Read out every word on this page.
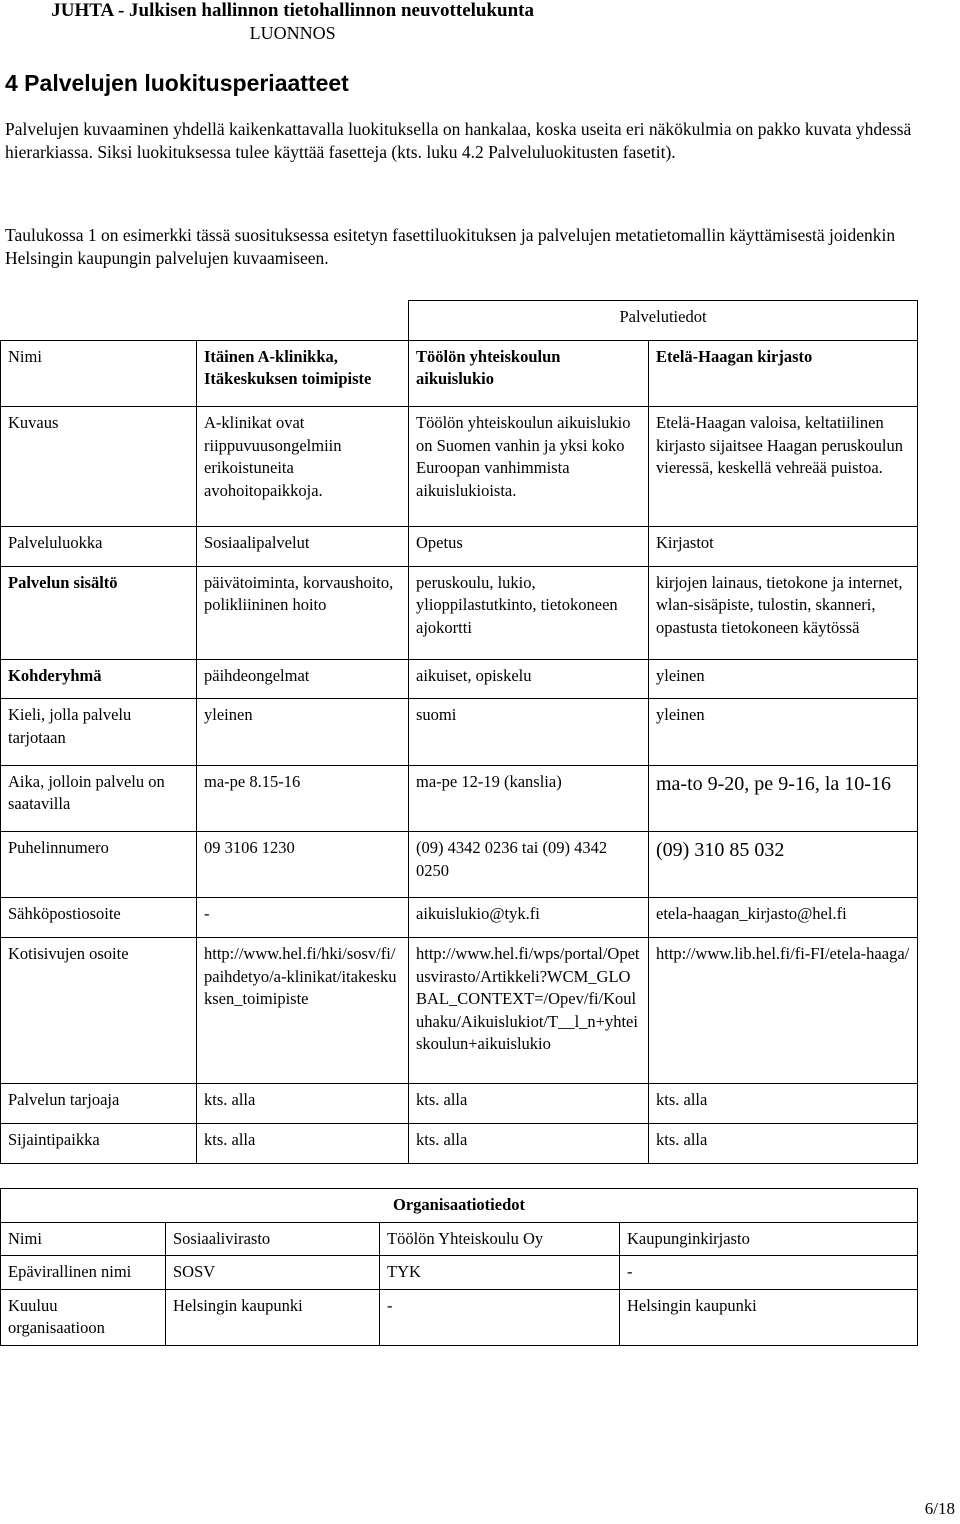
JUHTA - Julkisen hallinnon tietohallinnon neuvottelukunta
LUONNOS
4 Palvelujen luokitusperiaatteet
Palvelujen kuvaaminen yhdellä kaikenkattavalla luokituksella on hankalaa, koska useita eri näkökulmia on pakko kuvata yhdessä hierarkiassa. Siksi luokituksessa tulee käyttää fasetteja (kts. luku 4.2 Palveluluokitusten fasetit).
Taulukossa 1 on esimerkki tässä suosituksessa esitetyn fasettiluokituksen ja palvelujen metatietomallin käyttämisestä joidenkin Helsingin kaupungin palvelujen kuvaamiseen.
		Palvelutiedot	
Nimi	Itäinen A-klinikka, Itäkeskuksen toimipiste	Töölön yhteiskoulun aikuislukio	Etelä-Haagan kirjasto
Kuvaus	A-klinikat ovat riippuvuusongelmiin erikoistuneita avohoitopaikkoja.	Töölön yhteiskoulun aikuislukio on Suomen vanhin ja yksi koko Euroopan vanhimmista aikuislukioista.	Etelä-Haagan valoisa, keltatiilinen kirjasto sijaitsee Haagan peruskoulun vieressä, keskellä vehreää puistoa.
Palveluluokka	Sosiaalipalvelut	Opetus	Kirjastot
Palvelun sisältö	päivätoiminta, korvaushoito, polikliininen hoito	peruskoulu, lukio, ylioppilastutkinto, tietokoneen ajokortti	kirjojen lainaus, tietokone ja internet, wlan-sisäpiste, tulostin, skanneri, opastusta tietokoneen käytössä
Kohderyhmä	päihdeongelmat	aikuiset, opiskelu	yleinen
Kieli, jolla palvelu tarjotaan	yleinen	suomi	yleinen
Aika, jolloin palvelu on saatavilla	ma-pe 8.15-16	ma-pe 12-19 (kanslia)	ma-to 9-20, pe 9-16, la 10-16
Puhelinnumero	09 3106 1230	(09) 4342 0236 tai (09) 4342 0250	(09) 310 85 032
Sähköpostiosoite	-	aikuislukio@tyk.fi	etela-haagan_kirjasto@hel.fi
Kotisivujen osoite	http://www.hel.fi/hki/sosv/fi/paihdetyo/a-klinikat/itakeskuksen_toimipiste	http://www.hel.fi/wps/portal/Opetusvirasto/Artikkeli?WCM_GLOBAL_CONTEXT=/Opev/fi/Kouluhaku/Aikuislukiot/T__l_n+yhteiskoulun+aikuislukio	http://www.lib.hel.fi/fi-FI/etela-haaga/
Palvelun tarjoaja	kts. alla	kts. alla	kts. alla
Sijaintipaikka	kts. alla	kts. alla	kts. alla
Organisaatiotiedot			
Nimi	Sosiaalivirasto	Töölön Yhteiskoulu Oy	Kaupunginkirjasto
Epävirallinen nimi	SOSV	TYK	-
Kuuluu organisaatioon	Helsingin kaupunki	-	Helsingin kaupunki
6/18
